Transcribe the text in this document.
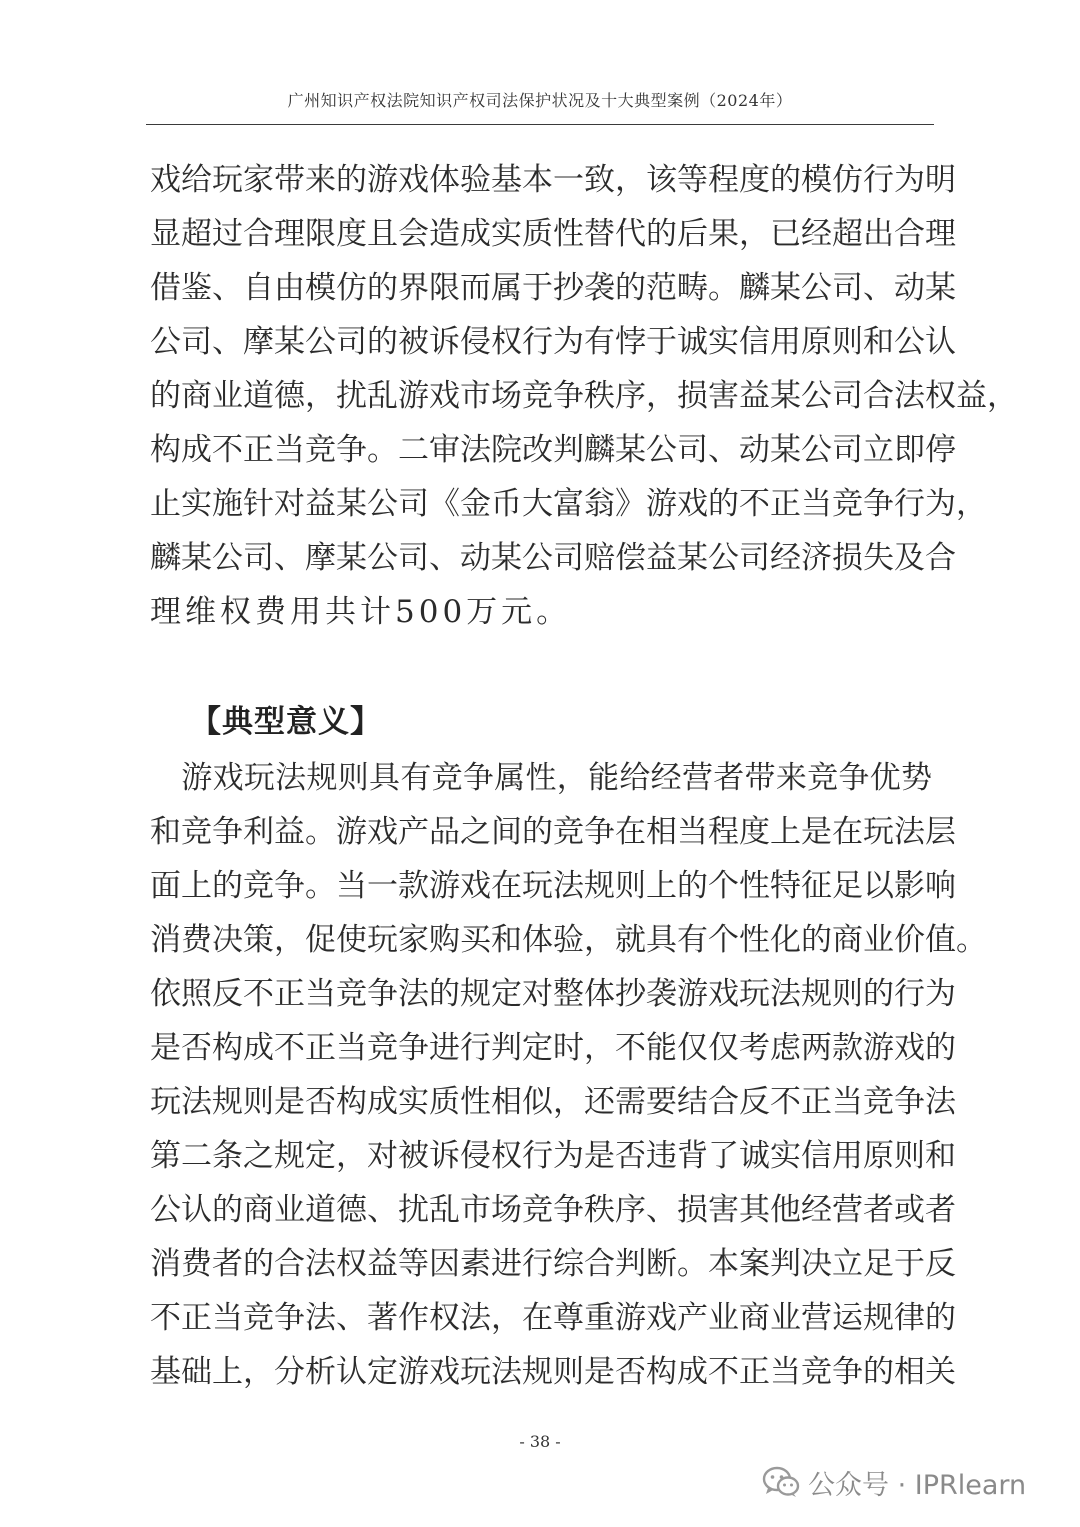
广州知识产权法院知识产权司法保护状况及十大典型案例（2024年）
戏给玩家带来的游戏体验基本一致，该等程度的模仿行为明
显超过合理限度且会造成实质性替代的后果，已经超出合理
借鉴、自由模仿的界限而属于抄袭的范畴。麟某公司、动某
公司、摩某公司的被诉侵权行为有悖于诚实信用原则和公认
的商业道德，扰乱游戏市场竞争秩序，损害益某公司合法权益，
构成不正当竞争。二审法院改判麟某公司、动某公司立即停
止实施针对益某公司《金币大富翁》游戏的不正当竞争行为，
麟某公司、摩某公司、动某公司赔偿益某公司经济损失及合
理维权费用共计500万元。
【典型意义】
　游戏玩法规则具有竞争属性，能给经营者带来竞争优势
和竞争利益。游戏产品之间的竞争在相当程度上是在玩法层
面上的竞争。当一款游戏在玩法规则上的个性特征足以影响
消费决策，促使玩家购买和体验，就具有个性化的商业价值。
依照反不正当竞争法的规定对整体抄袭游戏玩法规则的行为
是否构成不正当竞争进行判定时，不能仅仅考虑两款游戏的
玩法规则是否构成实质性相似，还需要结合反不正当竞争法
第二条之规定，对被诉侵权行为是否违背了诚实信用原则和
公认的商业道德、扰乱市场竞争秩序、损害其他经营者或者
消费者的合法权益等因素进行综合判断。本案判决立足于反
不正当竞争法、著作权法，在尊重游戏产业商业营运规律的
基础上，分析认定游戏玩法规则是否构成不正当竞争的相关
- 38 -
公众号 · IPRlearn
